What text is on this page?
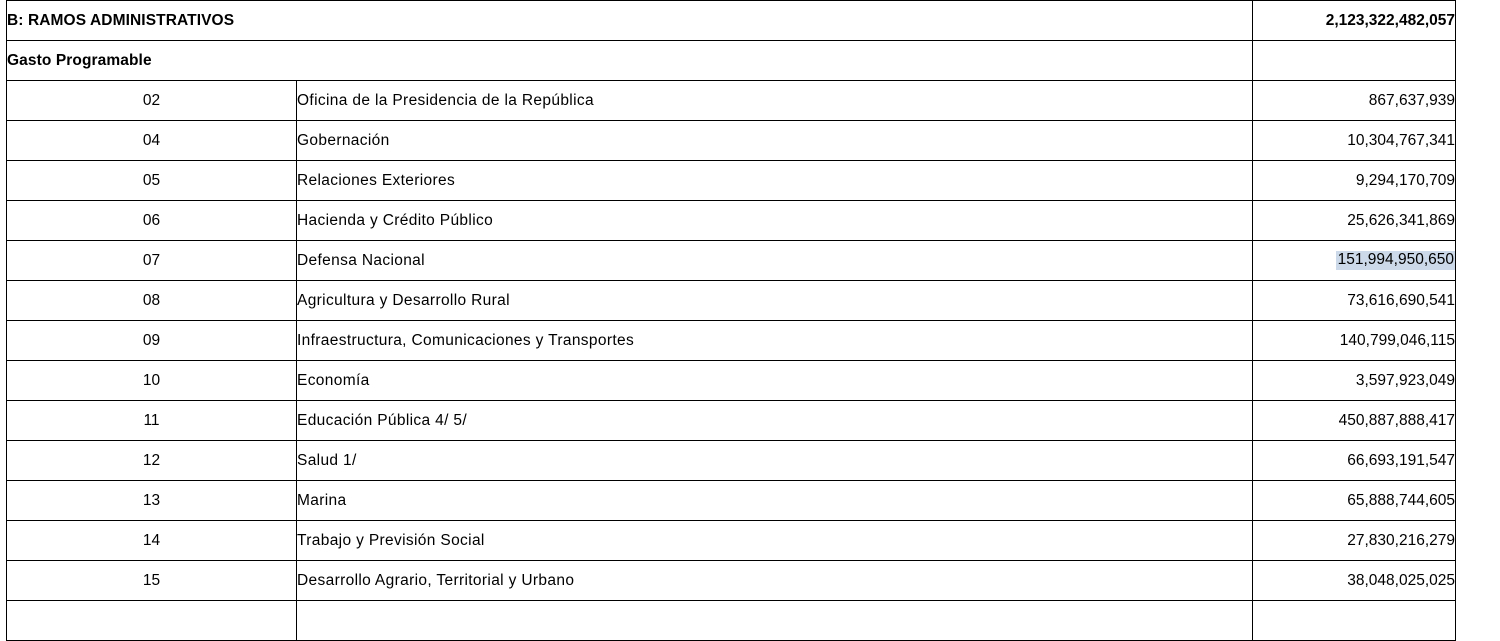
B: RAMOS ADMINISTRATIVOS		2,123,322,482,057
Gasto Programable		
02	Oficina de la Presidencia de la República	867,637,939
04	Gobernación	10,304,767,341
05	Relaciones Exteriores	9,294,170,709
06	Hacienda y Crédito Público	25,626,341,869
07	Defensa Nacional	151,994,950,650
08	Agricultura y Desarrollo Rural	73,616,690,541
09	Infraestructura, Comunicaciones y Transportes	140,799,046,115
10	Economía	3,597,923,049
11	Educación Pública 4/ 5/	450,887,888,417
12	Salud 1/	66,693,191,547
13	Marina	65,888,744,605
14	Trabajo y Previsión Social	27,830,216,279
15	Desarrollo Agrario, Territorial y Urbano	38,048,025,025
